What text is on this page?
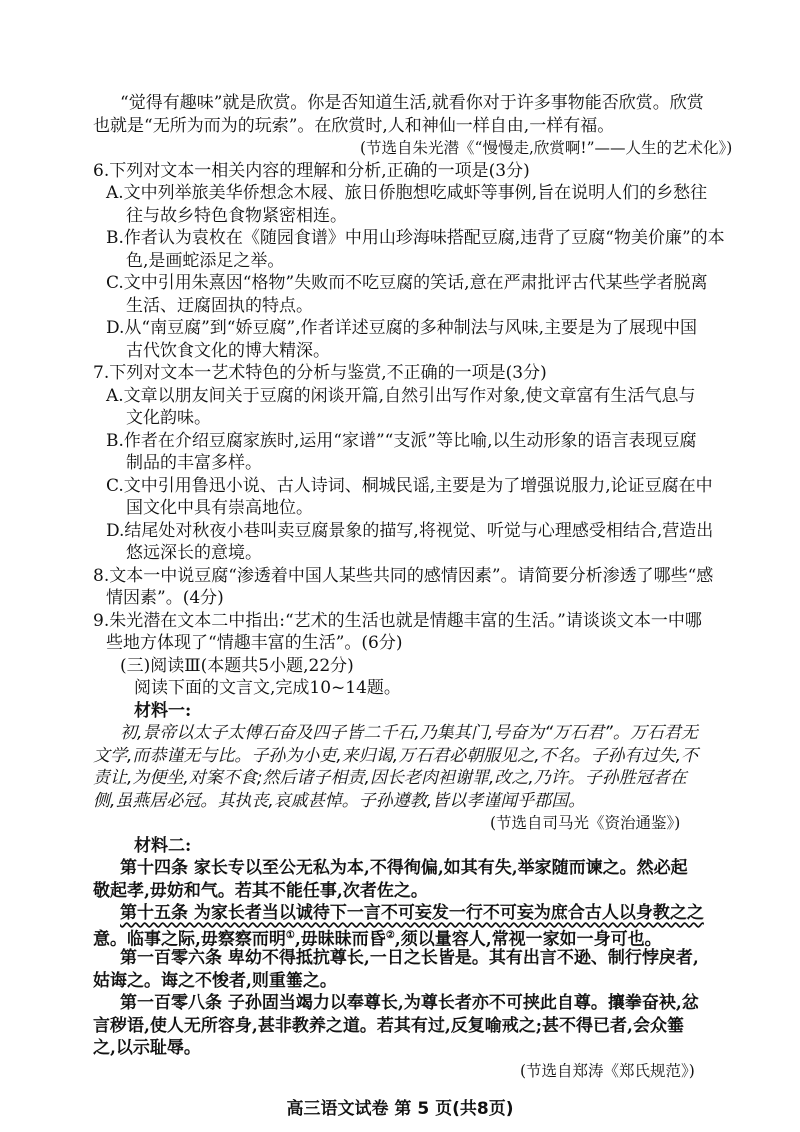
高三语文试卷 第 5 页(共8页)
“觉得有趣味”就是欣赏。你是否知道生活,就看你对于许多事物能否欣赏。欣赏
也就是“无所为而为的玩索”。在欣赏时,人和神仙一样自由,一样有福。
(节选自朱光潜《“慢慢走,欣赏啊!”——人生的艺术化》)
6.下列对文本一相关内容的理解和分析,正确的一项是(3分)
A.文中列举旅美华侨想念木屐、旅日侨胞想吃咸虾等事例,旨在说明人们的乡愁往
往与故乡特色食物紧密相连。
B.作者认为袁枚在《随园食谱》中用山珍海味搭配豆腐,违背了豆腐“物美价廉”的本
色,是画蛇添足之举。
C.文中引用朱熹因“格物”失败而不吃豆腐的笑话,意在严肃批评古代某些学者脱离
生活、迂腐固执的特点。
D.从“南豆腐”到“娇豆腐”,作者详述豆腐的多种制法与风味,主要是为了展现中国
古代饮食文化的博大精深。
7.下列对文本一艺术特色的分析与鉴赏,不正确的一项是(3分)
A.文章以朋友间关于豆腐的闲谈开篇,自然引出写作对象,使文章富有生活气息与
文化韵味。
B.作者在介绍豆腐家族时,运用“家谱”“支派”等比喻,以生动形象的语言表现豆腐
制品的丰富多样。
C.文中引用鲁迅小说、古人诗词、桐城民谣,主要是为了增强说服力,论证豆腐在中
国文化中具有崇高地位。
D.结尾处对秋夜小巷叫卖豆腐景象的描写,将视觉、听觉与心理感受相结合,营造出
悠远深长的意境。
8.文本一中说豆腐“渗透着中国人某些共同的感情因素”。请简要分析渗透了哪些“感
情因素”。(4分)
9.朱光潜在文本二中指出:“艺术的生活也就是情趣丰富的生活。”请谈谈文本一中哪
些地方体现了“情趣丰富的生活”。(6分)
(三)阅读Ⅲ(本题共5小题,22分)
阅读下面的文言文,完成10~14题。
材料一:
初,景帝以太子太傅石奋及四子皆二千石,乃集其门,号奋为“万石君”。万石君无
文学,而恭谨无与比。子孙为小吏,来归谒,万石君必朝服见之,不名。子孙有过失,不
责让,为便坐,对案不食;然后诸子相责,因长老肉袒谢罪,改之,乃许。子孙胜冠者在
侧,虽燕居必冠。其执丧,哀戚甚悼。子孙遵教,皆以孝谨闻乎郡国。
(节选自司马光《资治通鉴》)
材料二:
第十四条 家长专以至公无私为本,不得徇偏,如其有失,举家随而谏之。然必起
敬起孝,毋妨和气。若其不能任事,次者佐之。
第十五条 为家长者当以诚待下一言不可妄发一行不可妄为庶合古人以身教之之
意。临事之际,毋察察而明①,毋昧昧而昏②,须以量容人,常视一家如一身可也。
第一百零六条 卑幼不得抵抗尊长,一日之长皆是。其有出言不逊、制行悖戾者,
姑诲之。诲之不悛者,则重箠之。
第一百零八条 子孙固当竭力以奉尊长,为尊长者亦不可挟此自尊。攘拳奋袂,忿
言秽语,使人无所容身,甚非教养之道。若其有过,反复喻戒之;甚不得已者,会众箠
之,以示耻辱。
(节选自郑涛《郑氏规范》)
